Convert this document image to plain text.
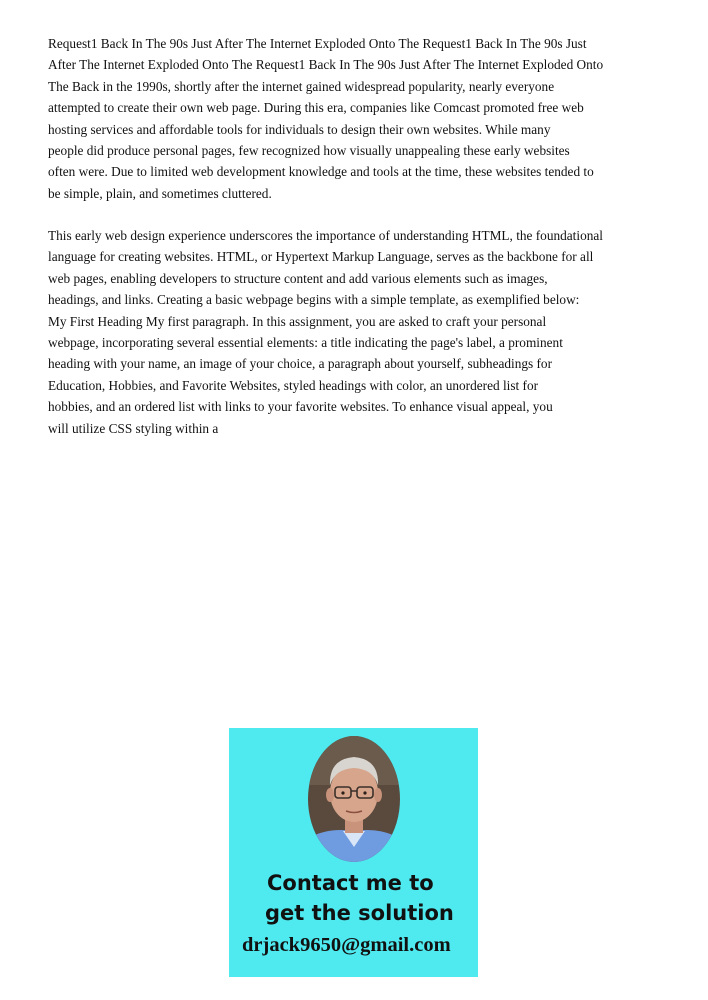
Request1 Back In The 90s Just After The Internet Exploded Onto The Request1 Back In The 90s Just
After The Internet Exploded Onto The Request1 Back In The 90s Just After The Internet Exploded Onto
The Back in the 1990s, shortly after the internet gained widespread popularity, nearly everyone
attempted to create their own web page. During this era, companies like Comcast promoted free web
hosting services and affordable tools for individuals to design their own websites. While many
people did produce personal pages, few recognized how visually unappealing these early websites
often were. Due to limited web development knowledge and tools at the time, these websites tended to
be simple, plain, and sometimes cluttered.
This early web design experience underscores the importance of understanding HTML, the foundational
language for creating websites. HTML, or Hypertext Markup Language, serves as the backbone for all
web pages, enabling developers to structure content and add various elements such as images,
headings, and links. Creating a basic webpage begins with a simple template, as exemplified below:
My First Heading My first paragraph. In this assignment, you are asked to craft your personal
webpage, incorporating several essential elements: a title indicating the page's label, a prominent
heading with your name, an image of your choice, a paragraph about yourself, subheadings for
Education, Hobbies, and Favorite Websites, styled headings with color, an unordered list for
hobbies, and an ordered list with links to your favorite websites. To enhance visual appeal, you
will utilize CSS styling within a
Contact me to
get the solution
drjack9650@gmail.com
